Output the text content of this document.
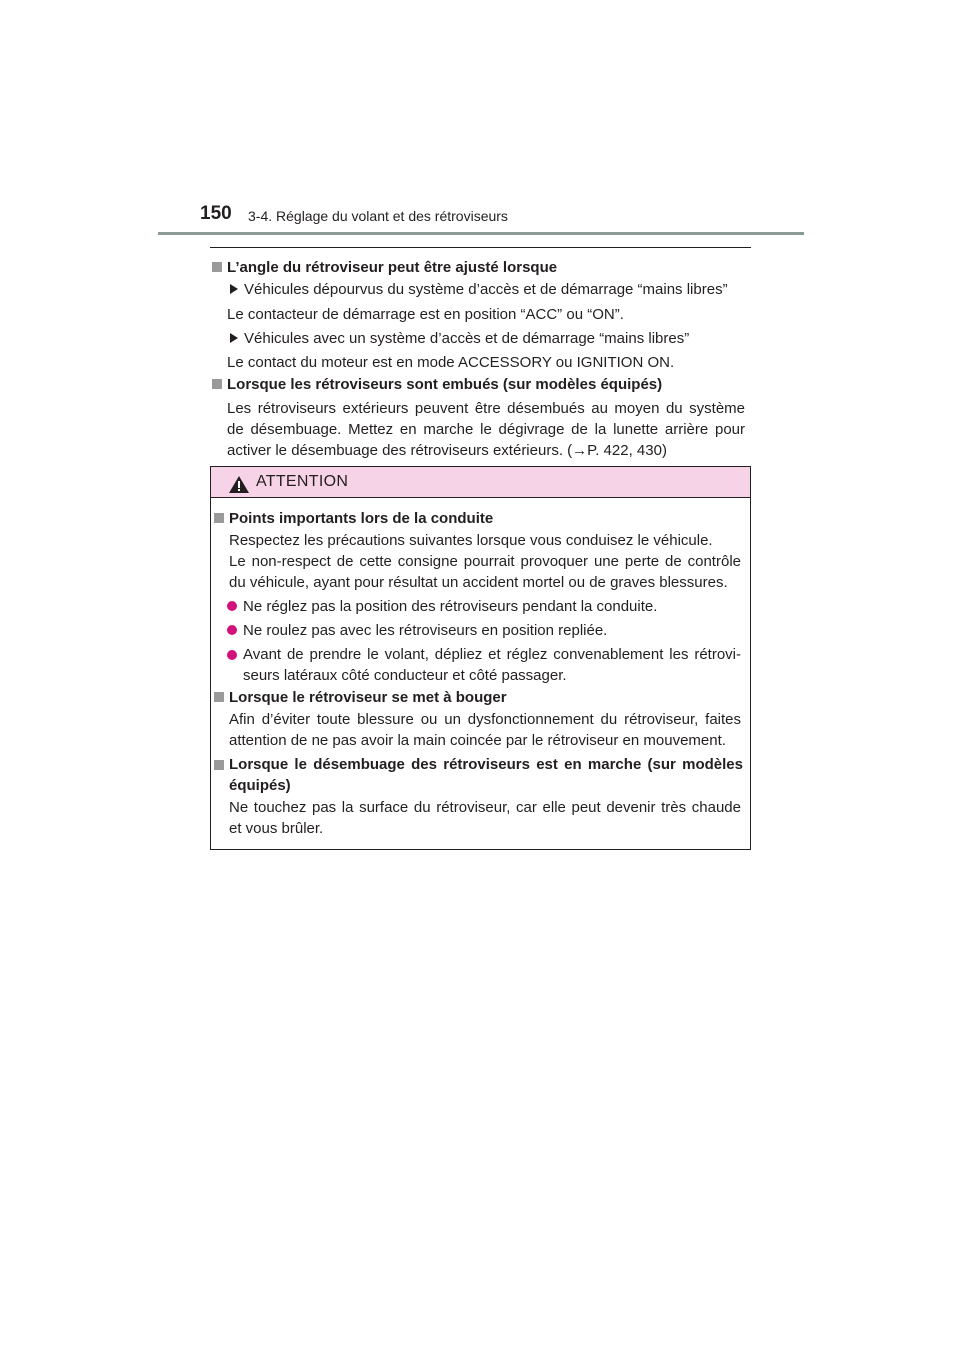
150 3-4. Réglage du volant et des rétroviseurs
L’angle du rétroviseur peut être ajusté lorsque
Véhicules dépourvus du système d’accès et de démarrage “mains libres”
Le contacteur de démarrage est en position “ACC” ou “ON”.
Véhicules avec un système d’accès et de démarrage “mains libres”
Le contact du moteur est en mode ACCESSORY ou IGNITION ON.
Lorsque les rétroviseurs sont embués (sur modèles équipés)
Les rétroviseurs extérieurs peuvent être désembués au moyen du système
de désembuage. Mettez en marche le dégivrage de la lunette arrière pour
activer le désembuage des rétroviseurs extérieurs. (→P. 422, 430)
ATTENTION
Points importants lors de la conduite
Respectez les précautions suivantes lorsque vous conduisez le véhicule.
Le non-respect de cette consigne pourrait provoquer une perte de contrôle
du véhicule, ayant pour résultat un accident mortel ou de graves blessures.
Ne réglez pas la position des rétroviseurs pendant la conduite.
Ne roulez pas avec les rétroviseurs en position repliée.
Avant de prendre le volant, dépliez et réglez convenablement les rétrovi-
seurs latéraux côté conducteur et côté passager.
Lorsque le rétroviseur se met à bouger
Afin d’éviter toute blessure ou un dysfonctionnement du rétroviseur, faites
attention de ne pas avoir la main coincée par le rétroviseur en mouvement.
Lorsque le désembuage des rétroviseurs est en marche (sur modèles
équipés)
Ne touchez pas la surface du rétroviseur, car elle peut devenir très chaude
et vous brûler.
